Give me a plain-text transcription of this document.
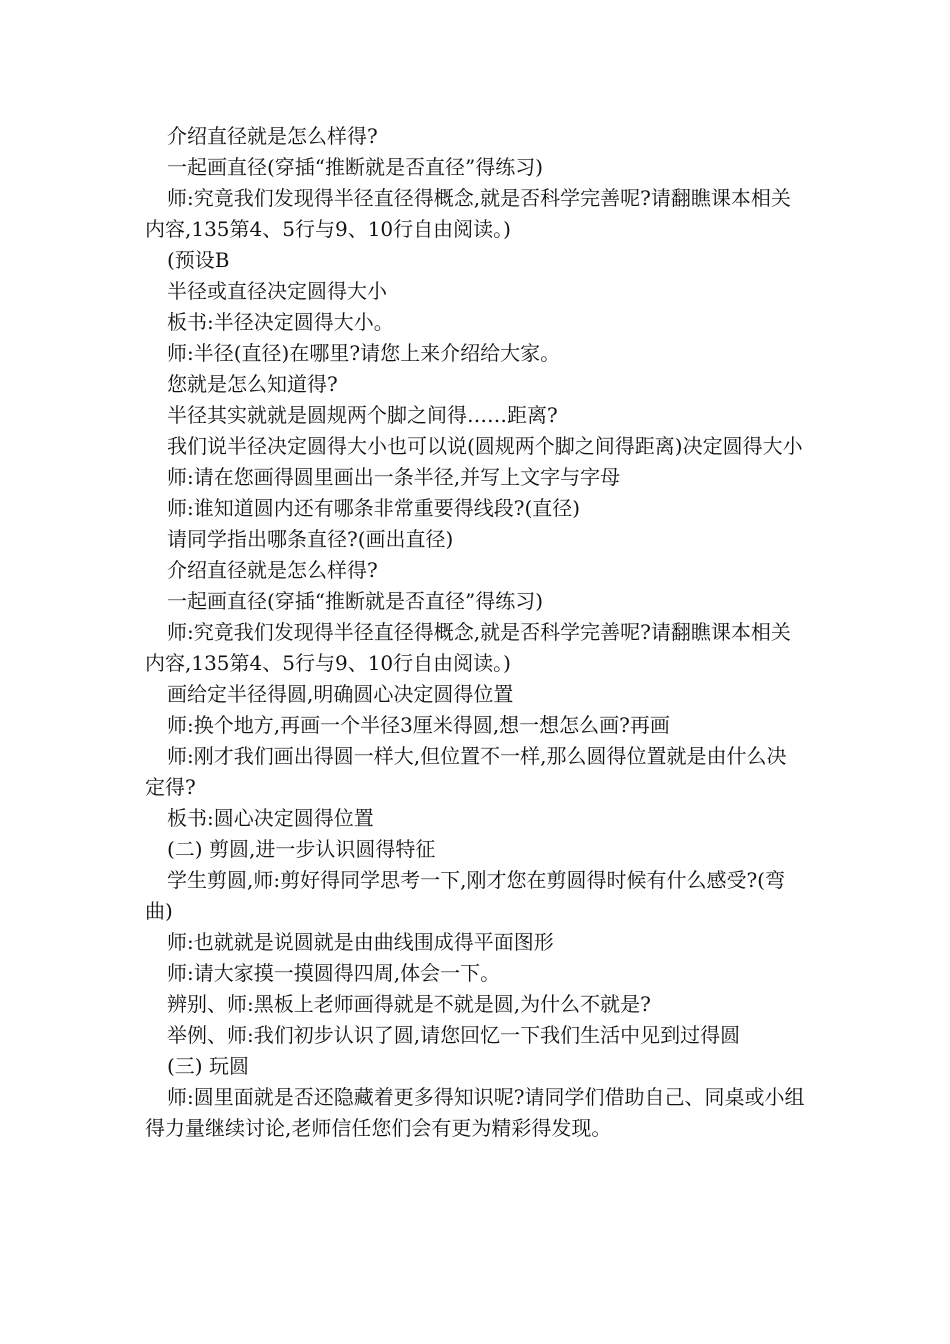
介绍直径就是怎么样得?

一起画直径(穿插“推断就是否直径”得练习)

师:究竟我们发现得半径直径得概念,就是否科学完善呢?请翻瞧课本相关内容,135第4、5行与9、10行自由阅读。)

(预设B

半径或直径决定圆得大小

板书:半径决定圆得大小。

师:半径(直径)在哪里?请您上来介绍给大家。

您就是怎么知道得?

半径其实就就是圆规两个脚之间得……距离?

我们说半径决定圆得大小也可以说(圆规两个脚之间得距离)决定圆得大小

师:请在您画得圆里画出一条半径,并写上文字与字母

师:谁知道圆内还有哪条非常重要得线段?(直径)

请同学指出哪条直径?(画出直径)

介绍直径就是怎么样得?

一起画直径(穿插“推断就是否直径”得练习)

师:究竟我们发现得半径直径得概念,就是否科学完善呢?请翻瞧课本相关内容,135第4、5行与9、10行自由阅读。)

画给定半径得圆,明确圆心决定圆得位置

师:换个地方,再画一个半径3厘米得圆,想一想怎么画?再画

师:刚才我们画出得圆一样大,但位置不一样,那么圆得位置就是由什么决定得?

板书:圆心决定圆得位置

(二) 剪圆,进一步认识圆得特征

学生剪圆,师:剪好得同学思考一下,刚才您在剪圆得时候有什么感受?(弯曲)

师:也就就是说圆就是由曲线围成得平面图形

师:请大家摸一摸圆得四周,体会一下。

辨别、师:黑板上老师画得就是不就是圆,为什么不就是?

举例、师:我们初步认识了圆,请您回忆一下我们生活中见到过得圆

(三) 玩圆

师:圆里面就是否还隐藏着更多得知识呢?请同学们借助自己、同桌或小组得力量继续讨论,老师信任您们会有更为精彩得发现。
